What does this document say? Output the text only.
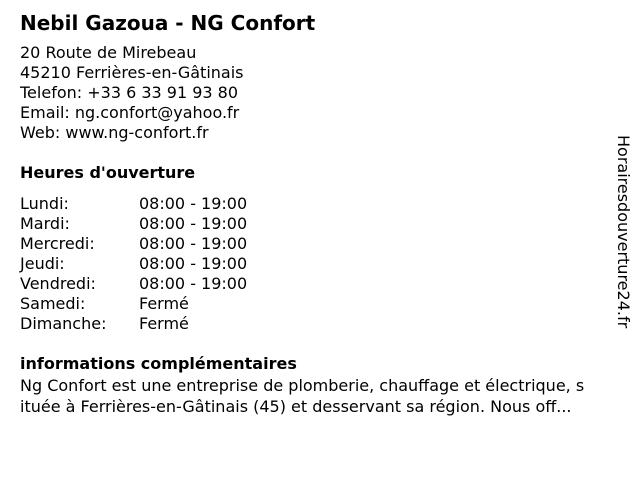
Nebil Gazoua - NG Confort
20 Route de Mirebeau
45210 Ferrières-en-Gâtinais
Telefon: +33 6 33 91 93 80
Email: ng.confort@yahoo.fr
Web: www.ng-confort.fr
Heures d'ouverture
Lundi:	08:00 - 19:00
Mardi:	08:00 - 19:00
Mercredi:	08:00 - 19:00
Jeudi:	08:00 - 19:00
Vendredi:	08:00 - 19:00
Samedi:	Fermé
Dimanche:	Fermé
informations complémentaires

Ng Confort est une entreprise de plomberie, chauffage et électrique, s
ituée à Ferrières-en-Gâtinais (45) et desservant sa région. Nous off...

Horairesdouverture24.fr
